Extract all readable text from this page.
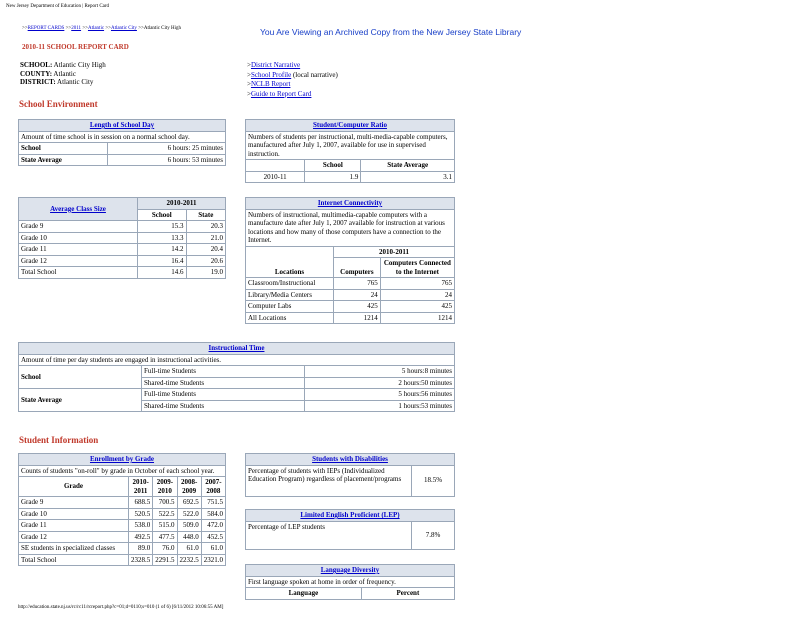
New Jersey Department of Education | Report Card
>>REPORT CARDS >>2011 >>Atlantic >>Atlantic City >>Atlantic City High	You Are Viewing an Archived Copy from the New Jersey State Library
2010-11 SCHOOL REPORT CARD
SCHOOL: Atlantic City High
COUNTY: Atlantic
DISTRICT: Atlantic City
>District Narrative
>School Profile (local narrative)
>NCLB Report
>Guide to Report Card
School Environment
Length of School Day	
Amount of time school is in session on a normal school day.	
School	6 hours: 25 minutes
State Average	6 hours: 53 minutes
Student/Computer Ratio		
Numbers of students per instructional, multi-media-capable computers, manufactured after July 1, 2007, available for use in supervised instruction.		
	School	State Average
2010-11	1.9	3.1
Average Class Size	2010-2011	
	School	State
Grade 9	15.3	20.3
Grade 10	13.3	21.0
Grade 11	14.2	20.4
Grade 12	16.4	20.6
Total School	14.6	19.0
Internet Connectivity		
Numbers of instructional, multimedia-capable computers with a manufacture date after July 1, 2007 available for instruction at various locations and how many of those computers have a connection to the Internet.		
Locations	2010-2011	
	Computers	Computers Connected to the Internet
Classroom/Instructional	765	765
Library/Media Centers	24	24
Computer Labs	425	425
All Locations	1214	1214
Instructional Time		
Amount of time per day students are engaged in instructional activities.		
School	Full-time Students	5 hours:8 minutes
	Shared-time Students	2 hours:50 minutes
State Average	Full-time Students	5 hours:56 minutes
	Shared-time Students	1 hours:53 minutes
Student Information
Enrollment by Grade				
Counts of students "on-roll" by grade in October of each school year.				
Grade	2010-2011	2009-2010	2008-2009	2007-2008
Grade 9	688.5	700.5	692.5	751.5
Grade 10	520.5	522.5	522.0	584.0
Grade 11	538.0	515.0	509.0	472.0
Grade 12	492.5	477.5	448.0	452.5
SE students in specialized classes	89.0	76.0	61.0	61.0
Total School	2328.5	2291.5	2232.5	2321.0
Students with Disabilities
Percentage of students with IEPs (Individualized Education Program) regardless of placement/programs	18.5%
Limited English Proficient (LEP)
Percentage of LEP students	7.8%
Language Diversity
First language spoken at home in order of frequency.
Language	Percent
http://education.state.nj.us/rc/rc11/rcreport.php?c=01;d=0110;s=010 (1 of 6) [6/11/2012 10:06:55 AM]
